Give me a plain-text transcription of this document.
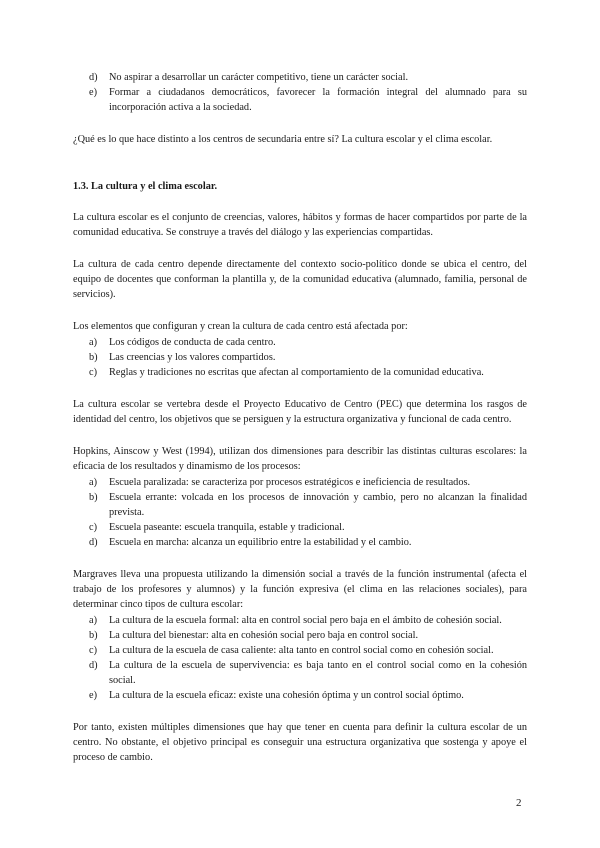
d)	No aspirar a desarrollar un carácter competitivo, tiene un carácter social.
e)	Formar a ciudadanos democráticos, favorecer la formación integral del alumnado para su incorporación activa a la sociedad.

¿Qué es lo que hace distinto a los centros de secundaria entre sí? La cultura escolar y el clima escolar.

1.3. La cultura y el clima escolar.

La cultura escolar es el conjunto de creencias, valores, hábitos y formas de hacer compartidos por parte de la comunidad educativa. Se construye a través del diálogo y las experiencias compartidas.

La cultura de cada centro depende directamente del contexto socio-político donde se ubica el centro, del equipo de docentes que conforman la plantilla y, de la comunidad educativa (alumnado, familia, personal de servicios).

Los elementos que configuran y crean la cultura de cada centro está afectada por:

a)	Los códigos de conducta de cada centro.
b)	Las creencias y los valores compartidos.
c)	Reglas y tradiciones no escritas que afectan al comportamiento de la comunidad educativa.

La cultura escolar se vertebra desde el Proyecto Educativo de Centro (PEC) que determina los rasgos de identidad del centro, los objetivos que se persiguen y la estructura organizativa y funcional de cada centro.

Hopkins, Ainscow y West (1994), utilizan dos dimensiones para describir las distintas culturas escolares: la eficacia de los resultados y dinamismo de los procesos:

a)	Escuela paralizada: se caracteriza por procesos estratégicos e ineficiencia de resultados.
b)	Escuela errante: volcada en los procesos de innovación y cambio, pero no alcanzan la finalidad prevista.
c)	Escuela paseante: escuela tranquila, estable y tradicional.
d)	Escuela en marcha: alcanza un equilibrio entre la estabilidad y el cambio.

Margraves lleva una propuesta utilizando la dimensión social a través de la función instrumental (afecta el trabajo de los profesores y alumnos) y la función expresiva (el clima en las relaciones sociales), para determinar cinco tipos de cultura escolar:

a)	La cultura de la escuela formal: alta en control social pero baja en el ámbito de cohesión social.
b)	La cultura del bienestar: alta en cohesión social pero baja en control social.
c)	La cultura de la escuela de casa caliente: alta tanto en control social como en cohesión social.
d)	La cultura de la escuela de supervivencia: es baja tanto en el control social como en la cohesión social.
e)	La cultura de la escuela eficaz: existe una cohesión óptima y un control social óptimo.

Por tanto, existen múltiples dimensiones que hay que tener en cuenta para definir la cultura escolar de un centro. No obstante, el objetivo principal es conseguir una estructura organizativa que sostenga y apoye el proceso de cambio.

2
